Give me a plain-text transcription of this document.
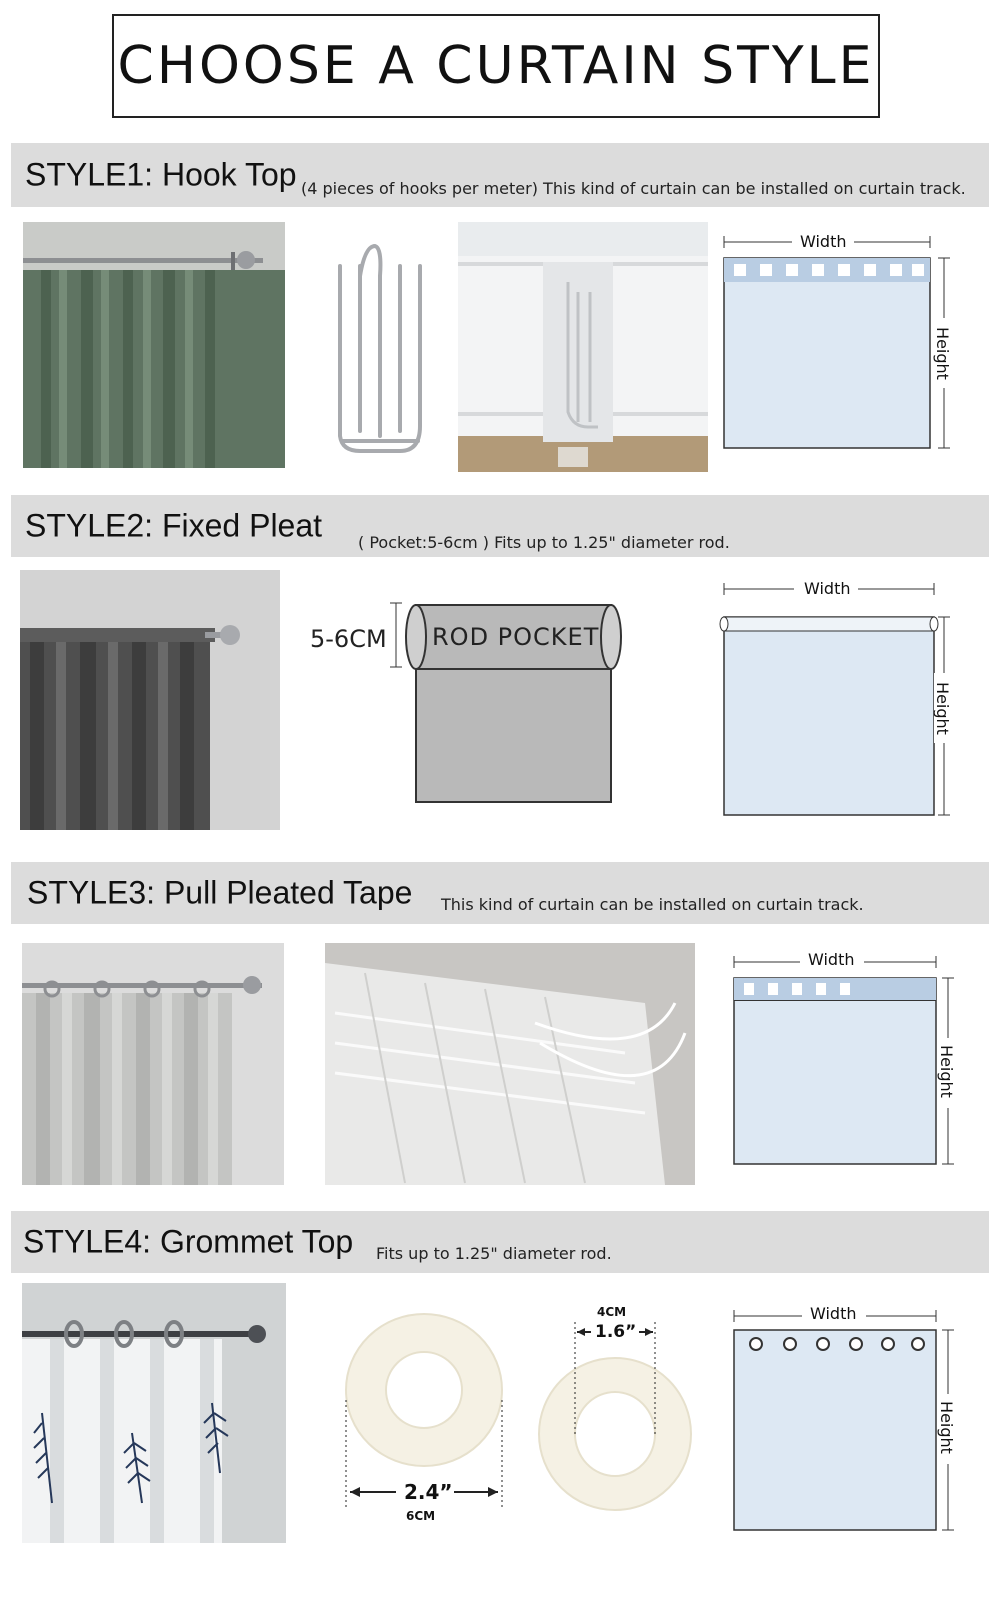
CHOOSE A CURTAIN STYLE
STYLE1: Hook Top (4 pieces of hooks per meter) This kind of curtain can be installed on curtain track.
Width
Height
STYLE2: Fixed Pleat ( Pocket:5-6cm ) Fits up to 1.25" diameter rod.
5-6CM ROD POCKET
Width
Height
STYLE3: Pull Pleated Tape This kind of curtain can be installed on curtain track.
Width
Height
STYLE4: Grommet Top Fits up to 1.25" diameter rod.
2.4”
6CM
4CM
1.6”
Width
Height
